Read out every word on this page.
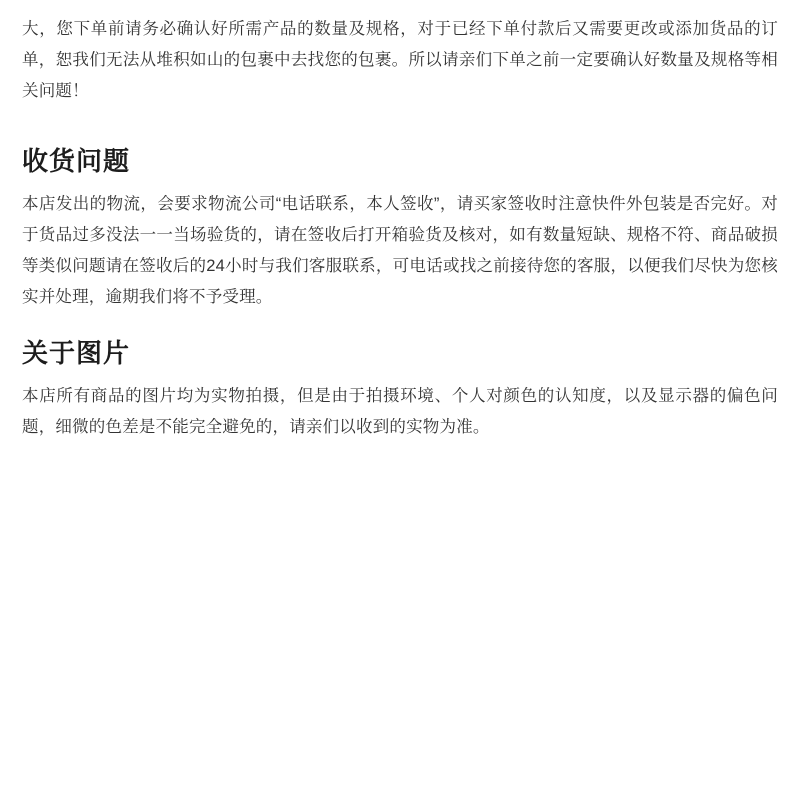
大，您下单前请务必确认好所需产品的数量及规格，对于已经下单付款后又需要更改或添加货品的订单，恕我们无法从堆积如山的包裹中去找您的包裹。所以请亲们下单之前一定要确认好数量及规格等相关问题！

收货问题

本店发出的物流，会要求物流公司“电话联系，本人签收”，请买家签收时注意快件外包装是否完好。对于货品过多没法一一当场验货的，请在签收后打开箱验货及核对，如有数量短缺、规格不符、商品破损等类似问题请在签收后的24小时与我们客服联系，可电话或找之前接待您的客服，以便我们尽快为您核实并处理，逾期我们将不予受理。

关于图片

本店所有商品的图片均为实物拍摄，但是由于拍摄环境、个人对颜色的认知度，以及显示器的偏色问题，细微的色差是不能完全避免的，请亲们以收到的实物为准。
